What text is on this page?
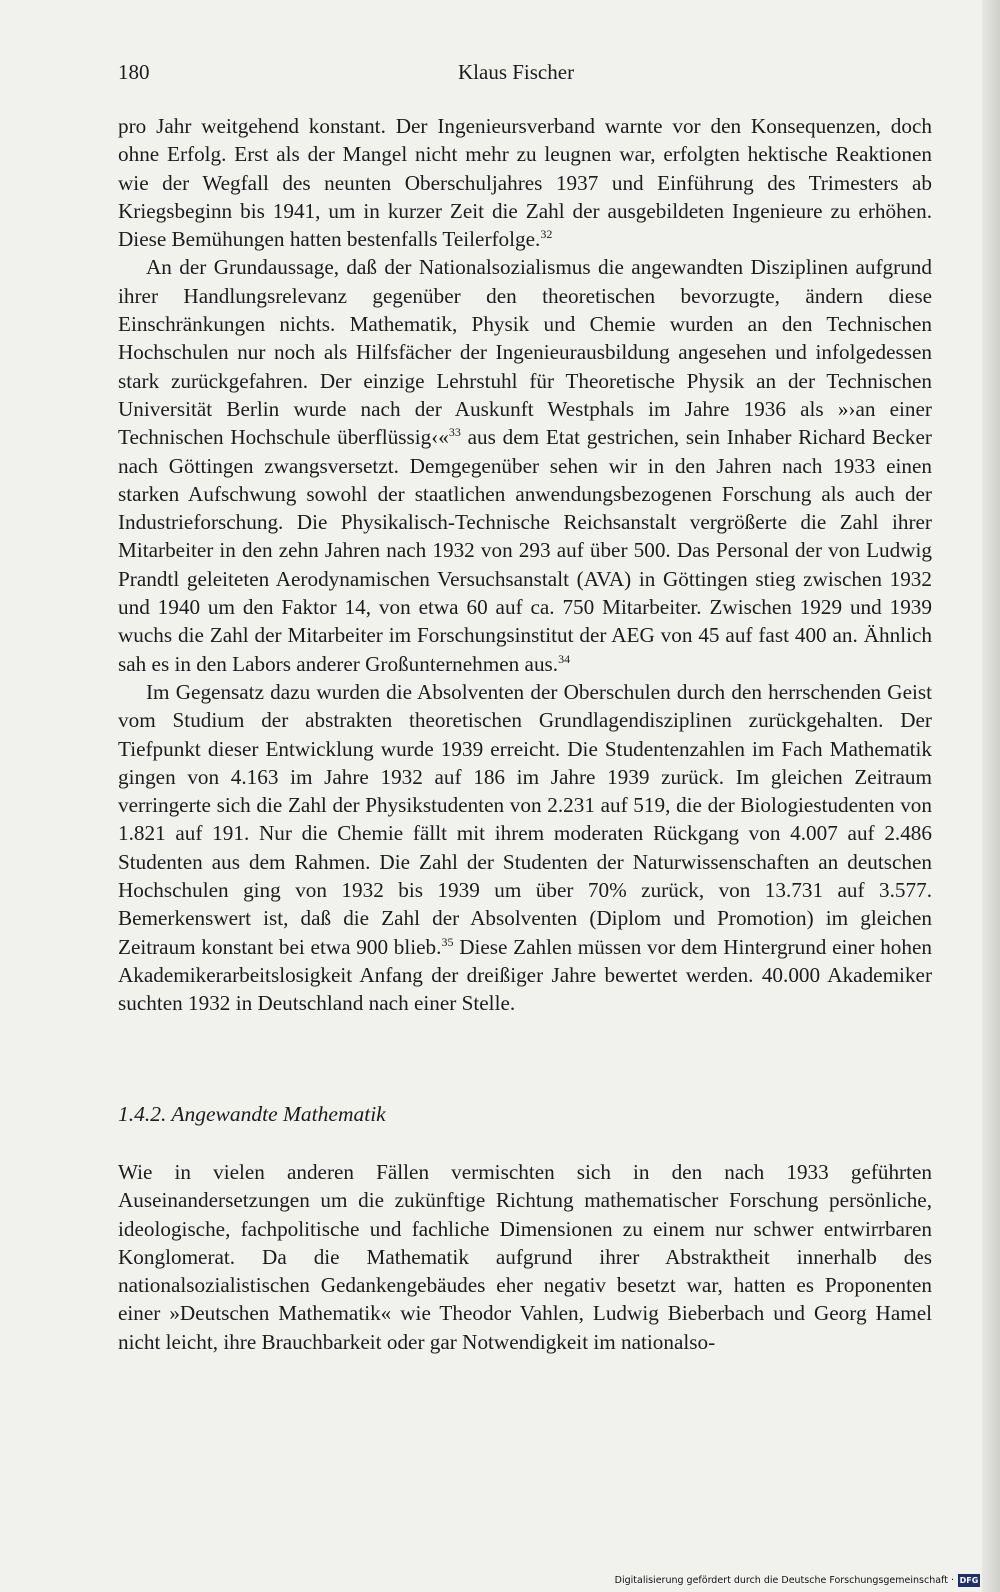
180	Klaus Fischer

pro Jahr weitgehend konstant. Der Ingenieursverband warnte vor den Konsequenzen, doch ohne Erfolg. Erst als der Mangel nicht mehr zu leugnen war, erfolgten hektische Reaktionen wie der Wegfall des neunten Oberschuljahres 1937 und Einführung des Trimesters ab Kriegsbeginn bis 1941, um in kurzer Zeit die Zahl der ausgebildeten Ingenieure zu erhöhen. Diese Bemühungen hatten bestenfalls Teilerfolge.$^{32}$

An der Grundaussage, daß der Nationalsozialismus die angewandten Disziplinen aufgrund ihrer Handlungsrelevanz gegenüber den theoretischen bevorzugte, ändern diese Einschränkungen nichts. Mathematik, Physik und Chemie wurden an den Technischen Hochschulen nur noch als Hilfsfächer der Ingenieurausbildung angesehen und infolgedessen stark zurückgefahren. Der einzige Lehrstuhl für Theoretische Physik an der Technischen Universität Berlin wurde nach der Auskunft Westphals im Jahre 1936 als »›an einer Technischen Hochschule überflüssig‹«$^{33}$ aus dem Etat gestrichen, sein Inhaber Richard Becker nach Göttingen zwangsversetzt. Demgegenüber sehen wir in den Jahren nach 1933 einen starken Aufschwung sowohl der staatlichen anwendungsbezogenen Forschung als auch der Industrieforschung. Die Physikalisch-Technische Reichsanstalt vergrößerte die Zahl ihrer Mitarbeiter in den zehn Jahren nach 1932 von 293 auf über 500. Das Personal der von Ludwig Prandtl geleiteten Aerodynamischen Versuchsanstalt (AVA) in Göttingen stieg zwischen 1932 und 1940 um den Faktor 14, von etwa 60 auf ca. 750 Mitarbeiter. Zwischen 1929 und 1939 wuchs die Zahl der Mitarbeiter im Forschungsinstitut der AEG von 45 auf fast 400 an. Ähnlich sah es in den Labors anderer Großunternehmen aus.$^{34}$

Im Gegensatz dazu wurden die Absolventen der Oberschulen durch den herrschenden Geist vom Studium der abstrakten theoretischen Grundlagendisziplinen zurückgehalten. Der Tiefpunkt dieser Entwicklung wurde 1939 erreicht. Die Studentenzahlen im Fach Mathematik gingen von 4.163 im Jahre 1932 auf 186 im Jahre 1939 zurück. Im gleichen Zeitraum verringerte sich die Zahl der Physikstudenten von 2.231 auf 519, die der Biologiestudenten von 1.821 auf 191. Nur die Chemie fällt mit ihrem moderaten Rückgang von 4.007 auf 2.486 Studenten aus dem Rahmen. Die Zahl der Studenten der Naturwissenschaften an deutschen Hochschulen ging von 1932 bis 1939 um über 70% zurück, von 13.731 auf 3.577. Bemerkenswert ist, daß die Zahl der Absolventen (Diplom und Promotion) im gleichen Zeitraum konstant bei etwa 900 blieb.$^{35}$ Diese Zahlen müssen vor dem Hintergrund einer hohen Akademikerarbeitslosigkeit Anfang der dreißiger Jahre bewertet werden. 40.000 Akademiker suchten 1932 in Deutschland nach einer Stelle.

1.4.2. Angewandte Mathematik

Wie in vielen anderen Fällen vermischten sich in den nach 1933 geführten Auseinandersetzungen um die zukünftige Richtung mathematischer Forschung persönliche, ideologische, fachpolitische und fachliche Dimensionen zu einem nur schwer entwirrbaren Konglomerat. Da die Mathematik aufgrund ihrer Abstraktheit innerhalb des nationalsozialistischen Gedankengebäudes eher negativ besetzt war, hatten es Proponenten einer »Deutschen Mathematik« wie Theodor Vahlen, Ludwig Bieberbach und Georg Hamel nicht leicht, ihre Brauchbarkeit oder gar Notwendigkeit im nationalso-

Digitalisierung gefördert durch die Deutsche Forschungsgemeinschaft · DFG
